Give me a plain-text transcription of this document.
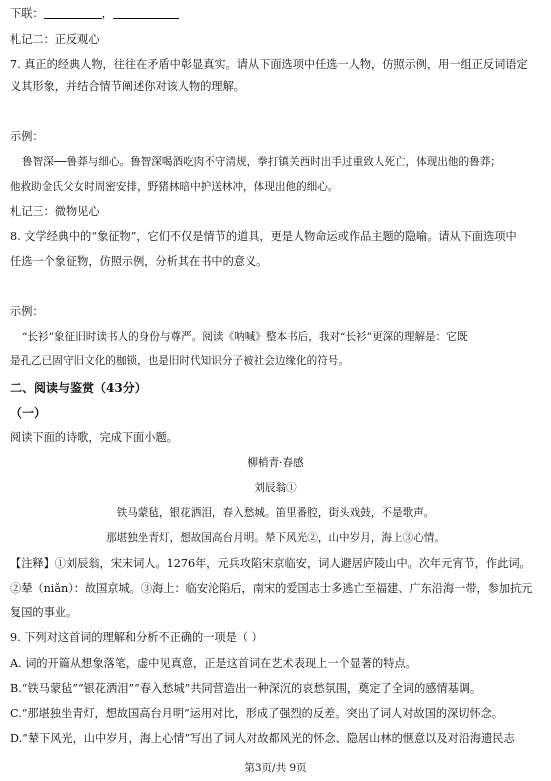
下联：	，
札记二：正反观心
7. 真正的经典人物，往往在矛盾中彰显真实。请从下面选项中任选一人物，仿照示例，用一组正反词语定
义其形象，并结合情节阐述你对该人物的理解。
示例：
鲁智深──鲁莽与细心。鲁智深喝酒吃肉不守清规，拳打镇关西时出手过重致人死亡，体现出他的鲁莽；
他救助金氏父女时周密安排，野猪林暗中护送林冲，体现出他的细心。
札记三：微物见心
8. 文学经典中的“象征物”，它们不仅是情节的道具，更是人物命运或作品主题的隐喻。请从下面选项中
任选一个象征物，仿照示例，分析其在书中的意义。
示例：
“长衫”象征旧时读书人的身份与尊严。阅读《呐喊》整本书后，我对“长衫”更深的理解是：它既
是孔乙已固守旧文化的枷锁，也是旧时代知识分子被社会边缘化的符号。
二、阅读与鉴赏（43分）
（一）
阅读下面的诗歌，完成下面小题。
柳梢青·春感
刘辰翁①
铁马蒙毡，银花洒泪，春入愁城。笛里番腔，街头戏鼓，不是歌声。
那堪独坐青灯，想故国高台月明。辇下风光②，山中岁月，海上③心情。
【注释】①刘辰翁，宋末词人。1276年，元兵攻陷宋京临安，词人避居庐陵山中。次年元宵节，作此词。
②辇（niǎn）：故国京城。③海上：临安沦陷后，南宋的爱国志士多逃亡至福建、广东沿海一带，参加抗元
复国的事业。
9. 下列对这首词的理解和分析不正确的一项是（ ）
A. 词的开篇从想象落笔，虚中见真意，正是这首词在艺术表现上一个显著的特点。
B.“铁马蒙毡”“银花洒泪”“春入愁城”共同营造出一种深沉的哀愁氛围，奠定了全词的感情基调。
C.“那堪独坐青灯，想故国高台月明”运用对比，形成了强烈的反差。突出了词人对故国的深切怀念。
D.“辇下风光，山中岁月，海上心情”写出了词人对故都风光的怀念、隐居山林的惬意以及对沿海遗民志
第3页/共 9页
